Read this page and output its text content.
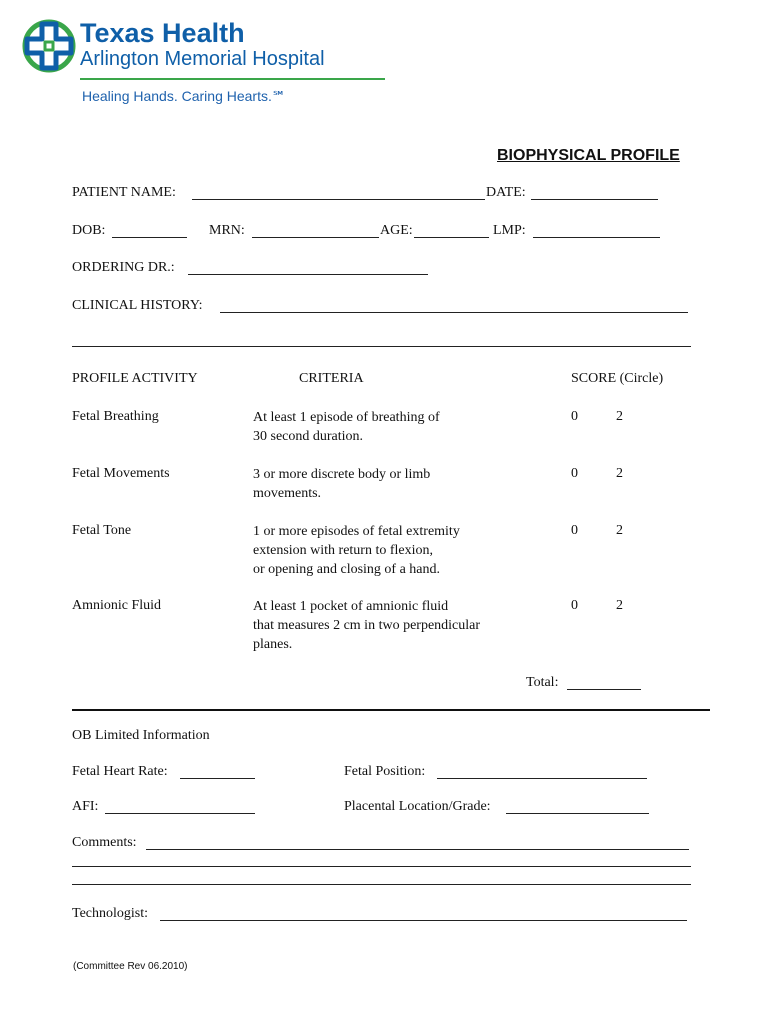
Texas Health
Arlington Memorial Hospital
Healing Hands. Caring Hearts.℠
BIOPHYSICAL PROFILE
PATIENT NAME:	DATE:
DOB:	MRN:	AGE:	LMP:
ORDERING DR.:
CLINICAL HISTORY:
PROFILE ACTIVITY	CRITERIA	SCORE (Circle)
Fetal Breathing	At least 1 episode of breathing of
30 second duration.
0	2
Fetal Movements	3 or more discrete body or limb
movements.
0	2
Fetal Tone	1 or more episodes of fetal extremity
extension with return to flexion,
or opening and closing of a hand.
0	2
Amnionic Fluid	At least 1 pocket of amnionic fluid
that measures 2 cm in two perpendicular
planes.
0	2
Total:
OB Limited Information
Fetal Heart Rate:	Fetal Position:
AFI:	Placental Location/Grade:
Comments:
Technologist:
(Committee Rev 06.2010)
